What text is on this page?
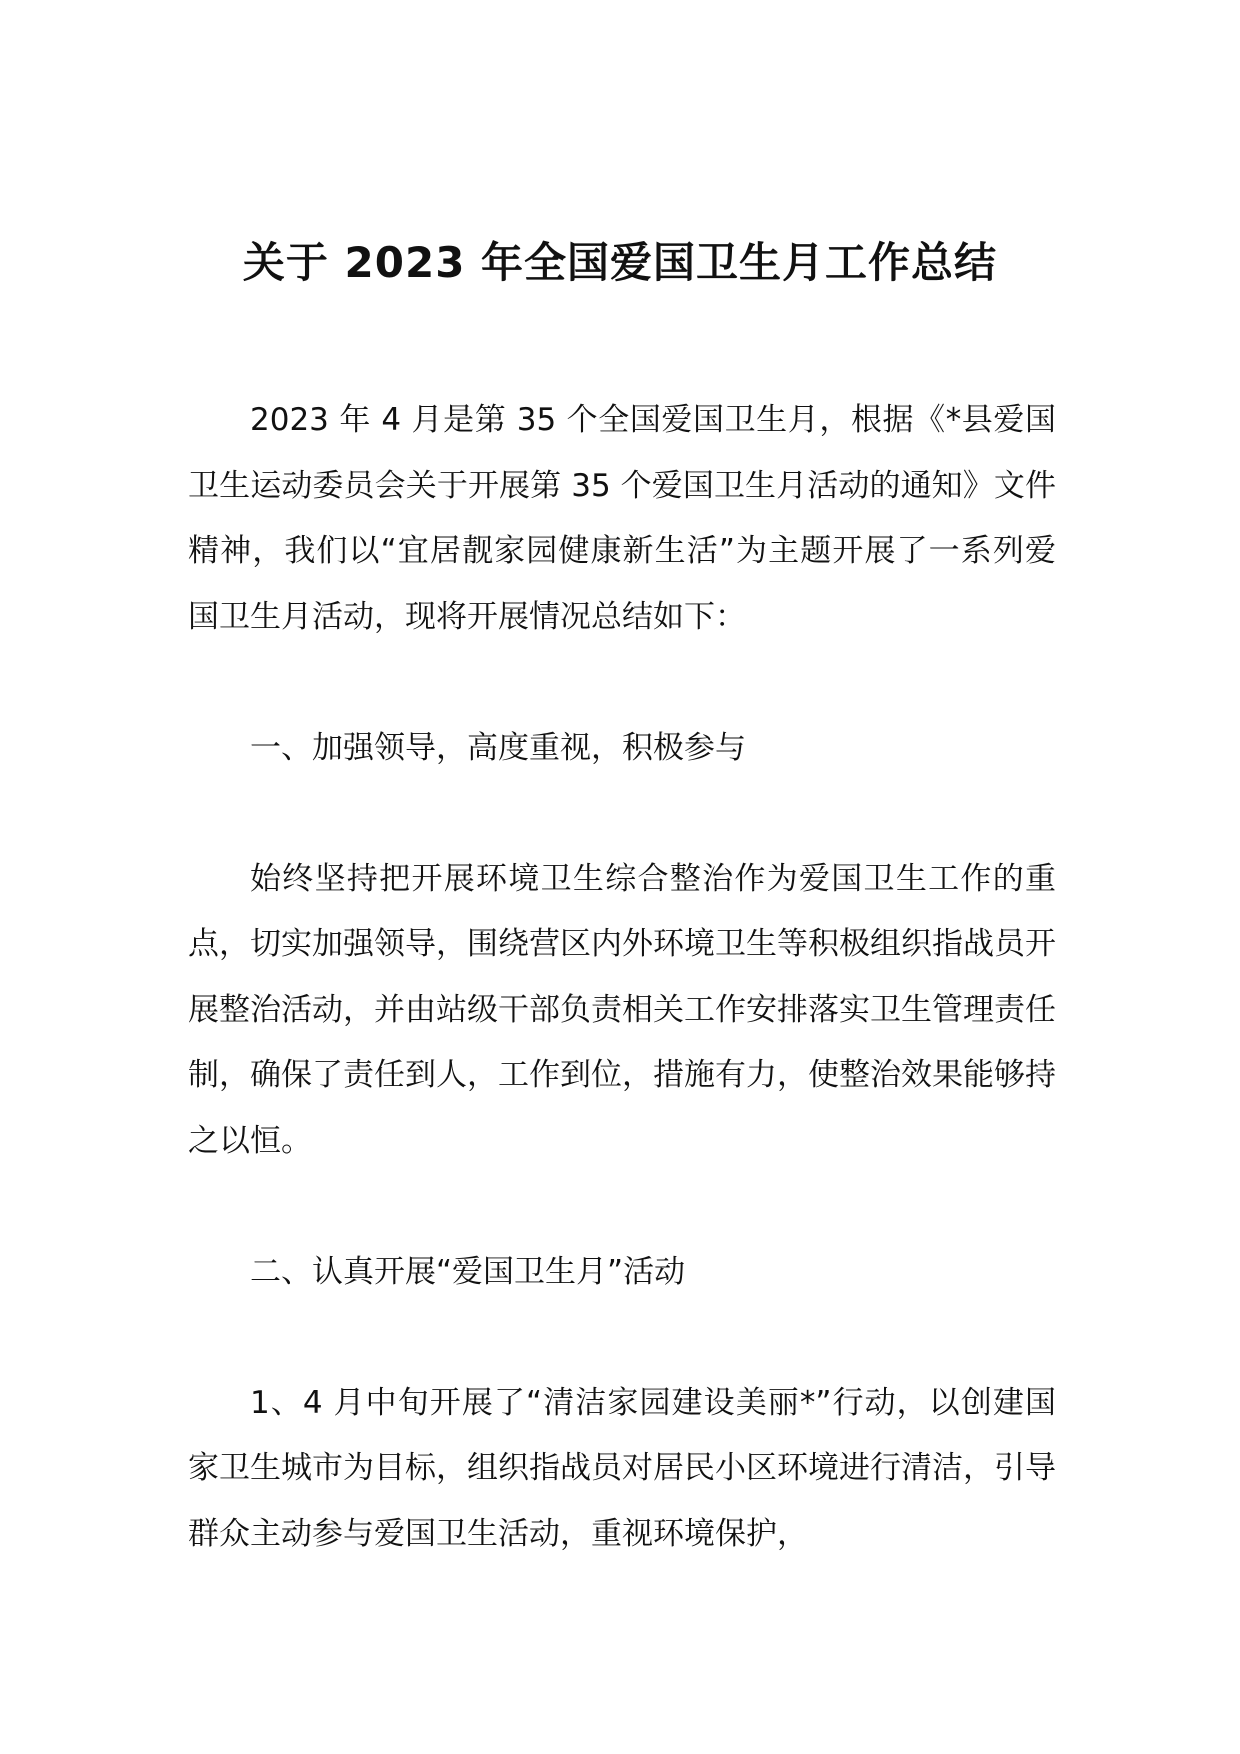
关于 2023 年全国爱国卫生月工作总结

2023 年 4 月是第 35 个全国爱国卫生月，根据《*县爱国卫生运动委员会关于开展第 35 个爱国卫生月活动的通知》文件精神，我们以“宜居靓家园健康新生活”为主题开展了一系列爱国卫生月活动，现将开展情况总结如下：

一、加强领导，高度重视，积极参与

始终坚持把开展环境卫生综合整治作为爱国卫生工作的重点，切实加强领导，围绕营区内外环境卫生等积极组织指战员开展整治活动，并由站级干部负责相关工作安排落实卫生管理责任制，确保了责任到人，工作到位，措施有力，使整治效果能够持之以恒。

二、认真开展“爱国卫生月”活动

1、4 月中旬开展了“清洁家园建设美丽*”行动，以创建国家卫生城市为目标，组织指战员对居民小区环境进行清洁，引导群众主动参与爱国卫生活动，重视环境保护，
